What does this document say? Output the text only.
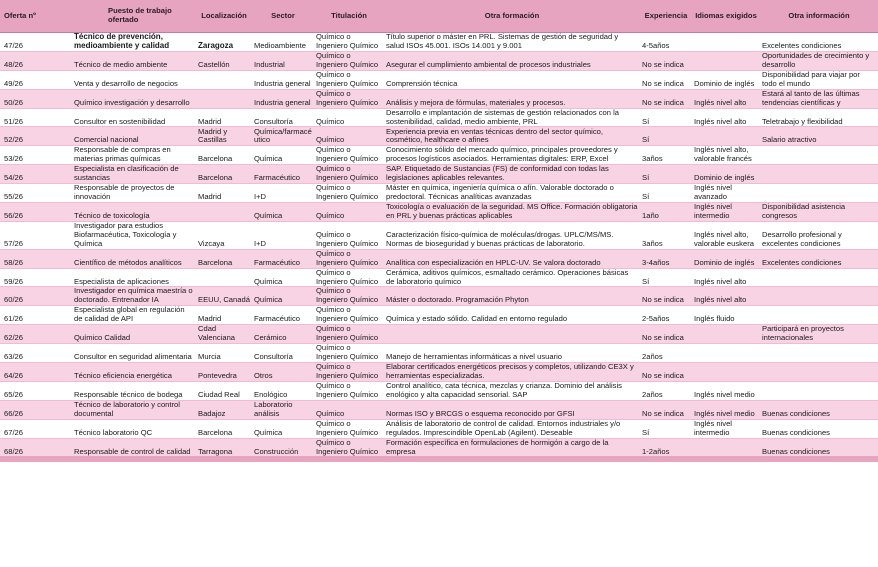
Oferta nº	Puesto de trabajo ofertado	Localización	Sector	Titulación	Otra formación	Experiencia	Idiomas exigidos	Otra información
47/26	Técnico de prevención, medioambiente y calidad	Zaragoza	Medioambiente	Químico o Ingeniero Químico	Título superior o máster en PRL. Sistemas de gestión de seguridad y salud ISOs 45.001. ISOs 14.001 y 9.001	4-5años		Excelentes condiciones
48/26	Técnico de medio ambiente	Castellón	Industrial	Químico o Ingeniero Químico	Asegurar el cumplimiento ambiental de procesos industriales	No se indica		Oportunidades de crecimiento y desarrollo
49/26	Venta y desarrollo de negocios		Industria general	Químico o Ingeniero Químico	Comprensión técnica	No se indica	Dominio de inglés	Disponibilidad para viajar por todo el mundo
50/26	Químico investigación y desarrollo		Industria general	Químico o Ingeniero Químico	Análisis y mejora de fórmulas, materiales y procesos.	No se indica	Inglés nivel alto	Estará al tanto de las últimas tendencias científicas y
51/26	Consultor en sostenibilidad	Madrid	Consultoría	Químico	Desarrollo e implantación de sistemas de gestión relacionados con la sostenibilidad, calidad, medio ambiente, PRL	Sí	Inglés nivel alto	Teletrabajo y flexibilidad
52/26	Comercial nacional	Madrid y Castillas	Química/farmacéutico	Químico	Experiencia previa en ventas técnicas dentro del sector químico, cosmético, healthcare o afines	Sí		Salario atractivo
53/26	Responsable de compras en materias primas químicas	Barcelona	Química	Químico o Ingeniero Químico	Conocimiento sólido del mercado químico, principales proveedores y procesos logísticos asociados. Herramientas digitales: ERP, Excel	3años	Inglés nivel alto, valorable francés	
54/26	Especialista en clasificación de sustancias	Barcelona	Farmacéutico	Químico o Ingeniero Químico	SAP. Etiquetado de Sustancias (FS) de conformidad con todas las legislaciones aplicables relevantes.	Sí	Dominio de inglés	
55/26	Responsable de proyectos de innovación	Madrid	I+D	Químico o Ingeniero Químico	Máster en química, ingeniería química o afín. Valorable doctorado o predoctoral. Técnicas analíticas avanzadas	Sí	Inglés nivel avanzado	
56/26	Técnico de toxicología		Química	Químico	Toxicología o evaluación de la seguridad. MS Office. Formación obligatoria en PRL y buenas prácticas aplicables	1año	Inglés nivel intermedio	Disponibilidad asistencia congresos
57/26	Investigador para estudios Biofarmacéutica, Toxicología y Química	Vizcaya	I+D	Químico o Ingeniero Químico	Caracterización físico-química de moléculas/drogas. UPLC/MS/MS. Normas de bioseguridad y buenas prácticas de laboratorio.	3años	Inglés nivel alto, valorable euskera	Desarrollo profesional y excelentes condiciones
58/26	Científico de métodos analíticos	Barcelona	Farmacéutico	Químico o Ingeniero Químico	Analítica con especialización en HPLC-UV. Se valora doctorado	3-4años	Dominio de inglés	Excelentes condiciones
59/26	Especialista de aplicaciones		Química	Químico o Ingeniero Químico	Cerámica, aditivos químicos, esmaltado cerámico. Operaciones básicas de laboratorio químico	Sí	Inglés nivel alto	
60/26	Investigador en química maestría o doctorado. Entrenador IA	EEUU, Canadá	Química	Químico o Ingeniero Químico	Máster o doctorado. Programación Phyton	No se indica	Inglés nivel alto	
61/26	Especialista global en regulación de calidad de API	Madrid	Farmacéutico	Químico o Ingeniero Químico	Química y estado sólido. Calidad en entorno regulado	2-5años	Inglés fluido	
62/26	Químico Calidad	Cdad Valenciana	Cerámico	Químico o Ingeniero Químico		No se indica		Participará en proyectos internacionales
63/26	Consultor en seguridad alimentaria	Murcia	Consultoría	Químico o Ingeniero Químico	Manejo de herramientas informáticas a nivel usuario	2años		
64/26	Técnico eficiencia energética	Pontevedra	Otros	Químico o Ingeniero Químico	Elaborar certificados energéticos precisos y completos, utilizando CE3X y herramientas especializadas.	No se indica		
65/26	Responsable técnico de bodega	Ciudad Real	Enológico	Químico o Ingeniero Químico	Control analítico, cata técnica, mezclas y crianza. Dominio del análisis enológico y alta capacidad sensorial. SAP	2años	Inglés nivel medio	
66/26	Técnico de laboratorio y control documental	Badajoz	Laboratorio análisis	Químico	Normas ISO y BRCGS o esquema reconocido por GFSI	No se indica	Inglés nivel medio	Buenas condiciones
67/26	Técnico laboratorio QC	Barcelona	Química	Químico o Ingeniero Químico	Análisis de laboratorio de control de calidad. Entornos industriales y/o regulados. Imprescindible OpenLab (Agilent). Deseable	Sí	Inglés nivel intermedio	Buenas condiciones
68/26	Responsable de control de calidad	Tarragona	Construcción	Químico o Ingeniero Químico	Formación específica en formulaciones de hormigón a cargo de la empresa	1-2años		Buenas condiciones
